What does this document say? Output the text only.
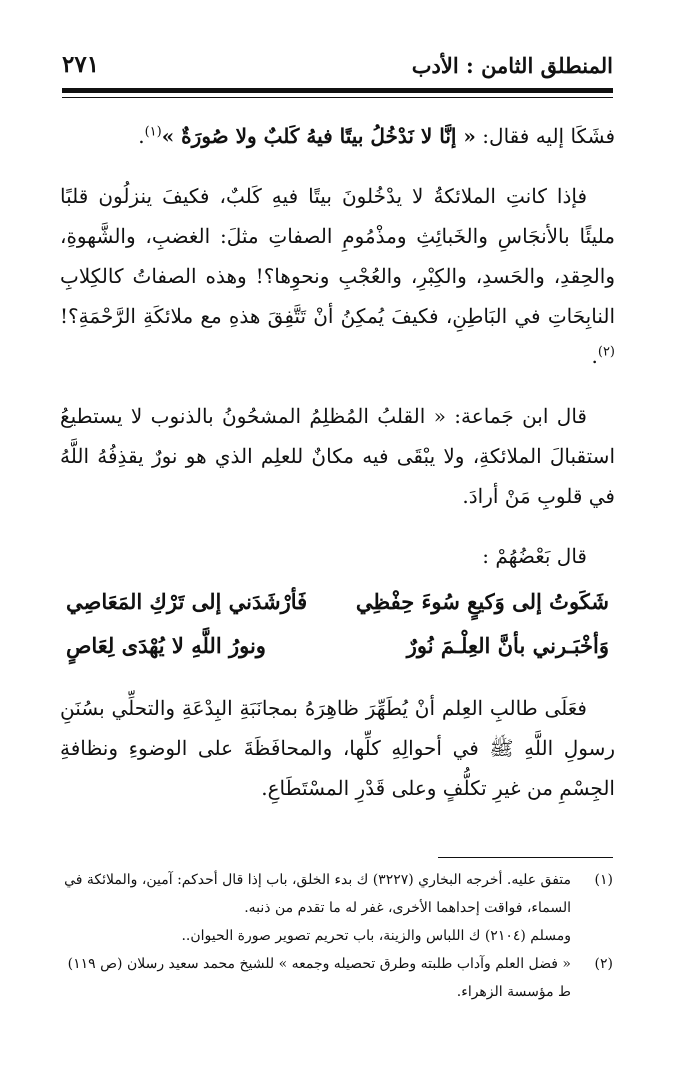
المنطلق الثامن : الأدب
٢٧١

فشَكَا إليه فقال: « إنَّا لا نَدْخُلُ بيتًا فيهُ كَلبٌ ولا صُورَةٌ »$^{(١)}$.

فإذا كانتِ الملائكةُ لا يدْخُلونَ بيتًا فيهِ كَلبٌ، فكيفَ ينزلُون قلبًا مليئًا بالأنجَاسِ والخَبائِثِ ومذْمُومِ الصفاتِ مثلَ: الغضبِ، والشَّهوةِ، والحِقدِ، والحَسدِ، والكِبْرِ، والعُجْبِ ونحوِها؟! وهذه الصفاتُ كالكِلابِ النابِحَاتِ في البَاطِنِ، فكيفَ يُمكِنُ أنْ تَتَّفِقَ هذهِ مع ملائكَةِ الرَّحْمَةِ؟!$^{(٢)}$.

قال ابن جَماعة: « القلبُ المُظلِمُ المشحُونُ بالذنوب لا يستطيعُ استقبالَ الملائكةِ، ولا يبْقَى فيه مكانٌ للعلِم الذي هو نورٌ يقذِفُهُ اللَّهُ في قلوبِ مَنْ أرادَ.

قال بَعْضُهُمْ :

شَكَوتُ إلى وَكيعٍ سُوءَ حِفْظِي
فَأرْشَدَني إلى تَرْكِ المَعَاصِي
وَأخْبَـرني بأنَّ العِلْـمَ نُورٌ
ونورُ اللَّهِ لا يُهْدَى لِعَاصٍ

فعَلَى طالبِ العِلم أنْ يُطَهِّرَ ظاهِرَهُ بمجانَبَةِ البِدْعَةِ والتحلِّي بسُنَنِ رسولِ اللَّهِ ﷺ في أحوالِهِ كلِّها، والمحافَظَةَ على الوضوءِ ونظافةِ الجِسْمِ من غيرِ تكلُّفٍ وعلى قَدْرِ المسْتَطَاعِ.

(١)
متفق عليه. أخرجه البخاري (٣٢٢٧) ك بدء الخلق، باب إذا قال أحدكم: آمين، والملائكة في السماء، فواقت إحداهما الأخرى، غفر له ما تقدم من ذنبه.
ومسلم (٢١٠٤) ك اللباس والزينة، باب تحريم تصوير صورة الحيوان..
(٢)
« فضل العلم وآداب طلبته وطرق تحصيله وجمعه » للشيخ محمد سعيد رسلان (ص ١١٩) ط مؤسسة الزهراء.
